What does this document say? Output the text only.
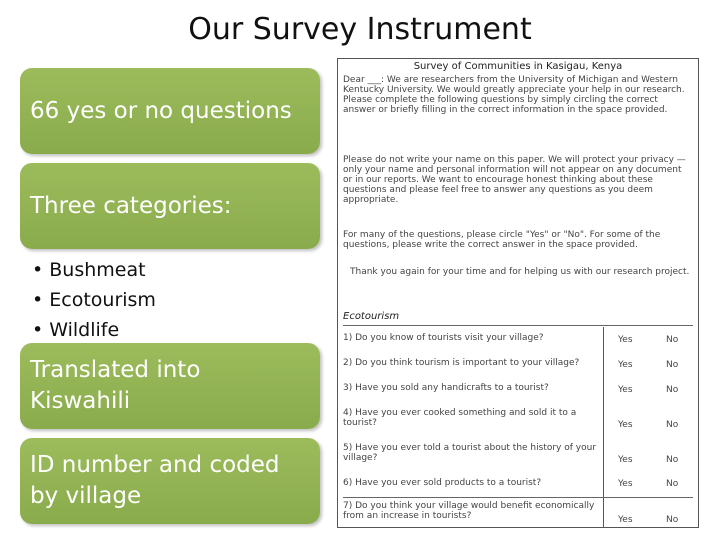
Our Survey Instrument
66 yes or no questions
Three categories:
• Bushmeat
• Ecotourism
• Wildlife
Translated into
Kiswahili
ID number and coded
by village
Survey of Communities in Kasigau, Kenya
Dear ___: We are researchers from the University of Michigan and Western Kentucky University. We would greatly appreciate your help in our research. Please complete the following questions by simply circling the correct answer or briefly filling in the correct information in the space provided.
Please do not write your name on this paper. We will protect your privacy — only your name and personal information will not appear on any document or in our reports. We want to encourage honest thinking about these questions and please feel free to answer any questions as you deem appropriate.
For many of the questions, please circle "Yes" or "No". For some of the questions, please write the correct answer in the space provided.
Thank you again for your time and for helping us with our research project.
Ecotourism
1) Do you know of tourists visit your village?	Yes	No
2) Do you think tourism is important to your village?	Yes	No
3) Have you sold any handicrafts to a tourist?	Yes	No
4) Have you ever cooked something and sold it to a tourist?	Yes	No
5) Have you ever told a tourist about the history of your village?	Yes	No
6) Have you ever sold products to a tourist?	Yes	No
7) Do you think your village would benefit economically from an increase in tourists?	Yes	No
